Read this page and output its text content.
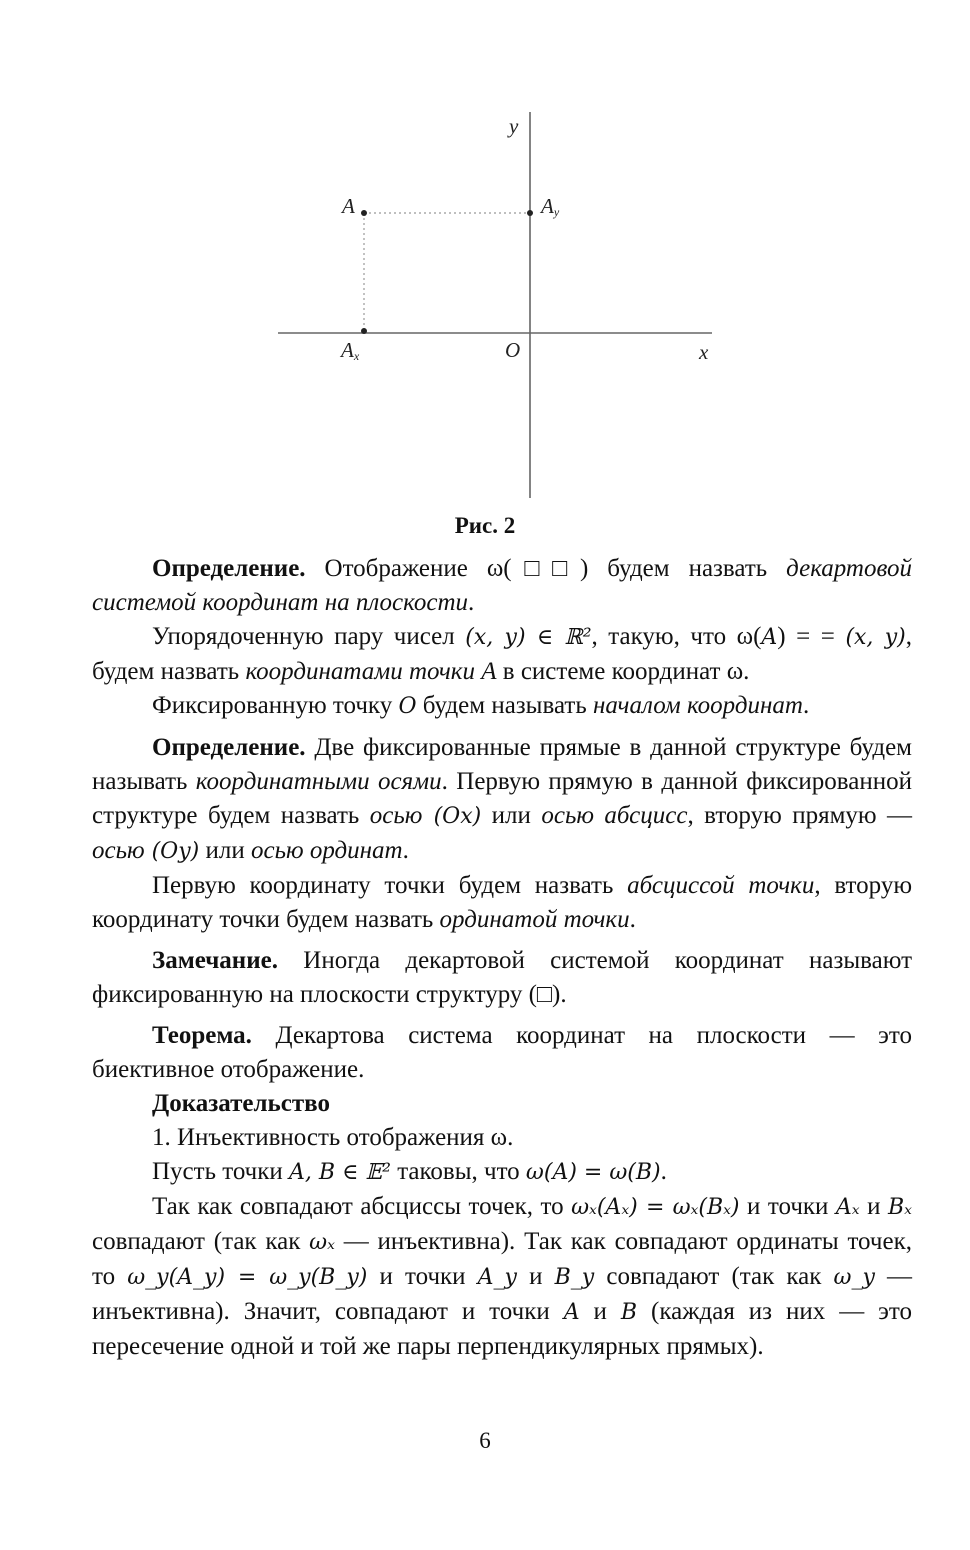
y
x
O
A	$A_y$
$A_x$
Рис. 2

Определение. Отображение ω(□□) будем назвать декартовой системой координат на плоскости.

Упорядоченную пару чисел (x, y) ∈ ℝ², такую, что ω(A) = = (x, y), будем назвать координатами точки A в системе координат ω.

Фиксированную точку O будем называть началом координат.

Определение. Две фиксированные прямые в данной структуре будем называть координатными осями. Первую прямую в данной фиксированной структуре будем назвать осью (Ox) или осью абсцисс, вторую прямую — осью (Oy) или осью ординат.

Первую координату точки будем назвать абсциссой точки, вторую координату точки будем назвать ординатой точки.

Замечание. Иногда декартовой системой координат называют фиксированную на плоскости структуру (□).

Теорема. Декартова система координат на плоскости — это биективное отображение.

Доказательство

1. Инъективность отображения ω.

Пусть точки A, B ∈ 𝔼² таковы, что ω(A) = ω(B).

Так как совпадают абсциссы точек, то ωₓ(Aₓ) = ωₓ(Bₓ) и точки Aₓ и Bₓ совпадают (так как ωₓ — инъективна). Так как совпадают ординаты точек, то ω_y(A_y) = ω_y(B_y) и точки A_y и B_y совпадают (так как ω_y — инъективна). Значит, совпадают и точки A и B (каждая из них — это пересечение одной и той же пары перпендикулярных прямых).

6
